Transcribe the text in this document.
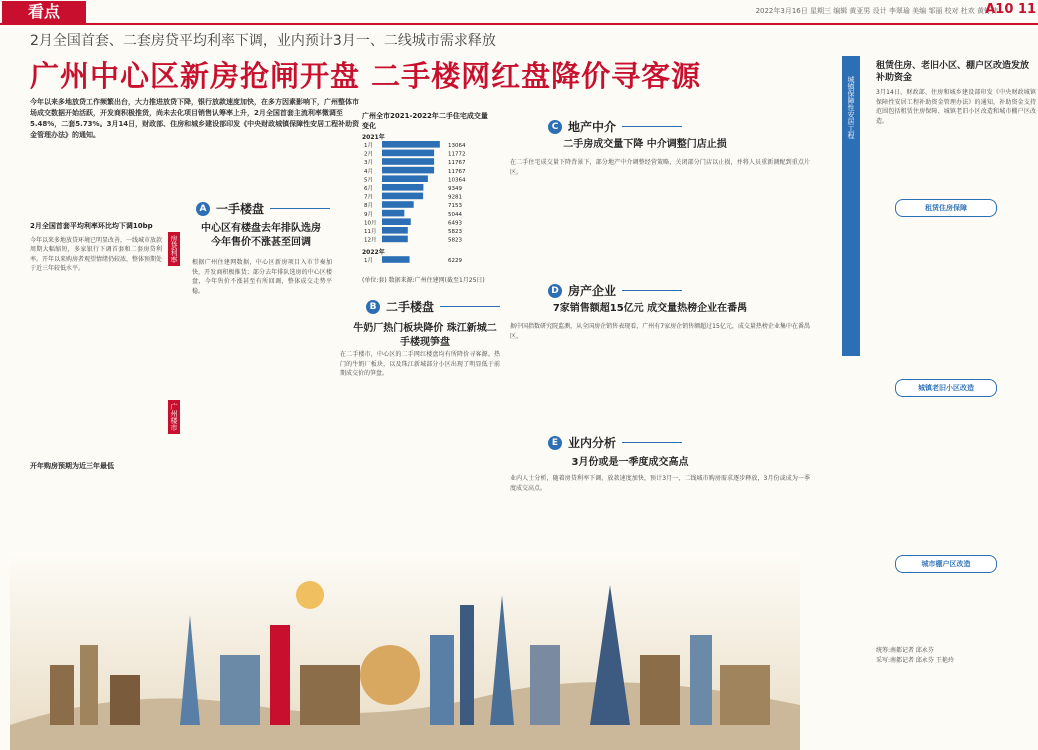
看点	2022年3月16日 星期三 编辑 黄亚男 设计 李翠瑜 美编 邹丽 校对 杜欢 黄钉伟
A10 11

2月全国首套、二套房贷平均利率下调，业内预计3月一、二线城市需求释放

广州中心区新房抢闸开盘 二手楼网红盘降价寻客源

今年以来多地放贷工作频繁出台，大力推进放贷下降，银行放款速度加快，在多方因素影响下，广州整体市场成交数据开始活跃，开发商积极推货，尚未去化项目销售认筹率上升，2月全国首套主流利率微调至5.48%，二套5.73%。3月14日，财政部、住房和城乡建设部印发《中央财政城镇保障性安居工程补助资金管理办法》的通知。
2月全国首套平均利率环比均下调10bp
今年以来多地放贷环境已明显改善，一线城市放款周期大幅缩短，多家银行下调首套和二套房贷利率。开年以来购房者观望情绪仍较浓，整体预期处于近三年较低水平。
开年购房预期为近三年最低
房贷利率
广州楼市
广州全市2021-2022年二手住宅成交量变化
2021年
1月	13064
2月	11772
3月	11767
4月	11767
5月	10364
6月	9349
7月	9281
8月	7153
9月	5044
10月	6493
11月	5823
12月	5823
2022年
1月	6229
(单位:套) 数据来源:广州住建网(截至1月25日)
A 一手楼盘
中心区有楼盘去年排队选房 今年售价不涨甚至回调
根据广州住建网数据，中心区新房项目入市节奏加快，开发商积极推货；部分去年排队选房的中心区楼盘，今年售价不涨甚至有所回调，整体成交走势平稳。
B 二手楼盘
牛奶厂热门板块降价 珠江新城二手楼现笋盘
在二手楼市，中心区的二手网红楼盘均有所降价寻客源。热门的牛奶厂板块，以及珠江新城部分小区出现了明显低于前期成交价的笋盘。
C 地产中介
二手房成交量下降 中介调整门店止损
在二手住宅成交量下降背景下，部分地产中介调整经营策略，关闭部分门店以止损，并将人员重新调配到重点片区。
D 房产企业
7家销售额超15亿元 成交量热榜企业在番禺
据中国指数研究院监测，从全国房企销售表现看，广州有7家房企销售额超过15亿元，成交量热榜企业集中在番禺区。
E 业内分析
3月份或是一季度成交高点
业内人士分析，随着房贷利率下调、放款速度加快，预计3月一、二线城市购房需求逐步释放，3月份或成为一季度成交高点。
城镇保障性安居工程
租赁住房、老旧小区、棚户区改造发放补助资金
3月14日，财政部、住房和城乡建设部印发《中央财政城镇保障性安居工程补助资金管理办法》的通知，补助资金支持范围包括租赁住房保障、城镇老旧小区改造和城市棚户区改造。
统筹:南都记者 邱永芬
采写:南都记者 邱永芬 王艳玲
租赁住房保障
城镇老旧小区改造
城市棚户区改造
